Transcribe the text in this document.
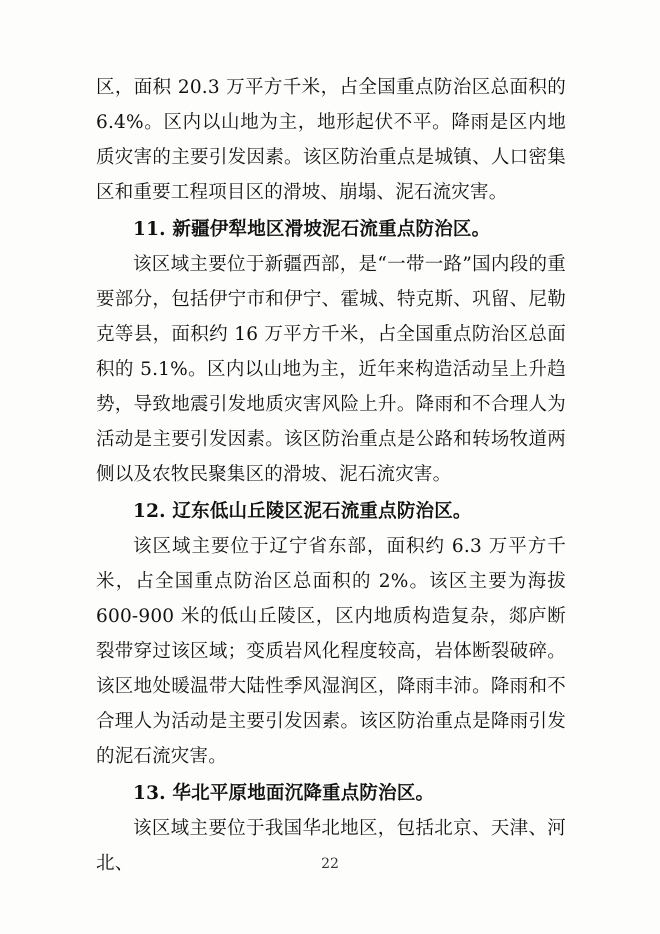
区，面积 20.3 万平方千米，占全国重点防治区总面积的 6.4%。区内以山地为主，地形起伏不平。降雨是区内地质灾害的主要引发因素。该区防治重点是城镇、人口密集区和重要工程项目区的滑坡、崩塌、泥石流灾害。

11. 新疆伊犁地区滑坡泥石流重点防治区。

该区域主要位于新疆西部，是“一带一路”国内段的重要部分，包括伊宁市和伊宁、霍城、特克斯、巩留、尼勒克等县，面积约 16 万平方千米，占全国重点防治区总面积的 5.1%。区内以山地为主，近年来构造活动呈上升趋势，导致地震引发地质灾害风险上升。降雨和不合理人为活动是主要引发因素。该区防治重点是公路和转场牧道两侧以及农牧民聚集区的滑坡、泥石流灾害。

12. 辽东低山丘陵区泥石流重点防治区。

该区域主要位于辽宁省东部，面积约 6.3 万平方千米，占全国重点防治区总面积的 2%。该区主要为海拔 600-900 米的低山丘陵区，区内地质构造复杂，郯庐断裂带穿过该区域；变质岩风化程度较高，岩体断裂破碎。该区地处暖温带大陆性季风湿润区，降雨丰沛。降雨和不合理人为活动是主要引发因素。该区防治重点是降雨引发的泥石流灾害。

13. 华北平原地面沉降重点防治区。

该区域主要位于我国华北地区，包括北京、天津、河北、	22
